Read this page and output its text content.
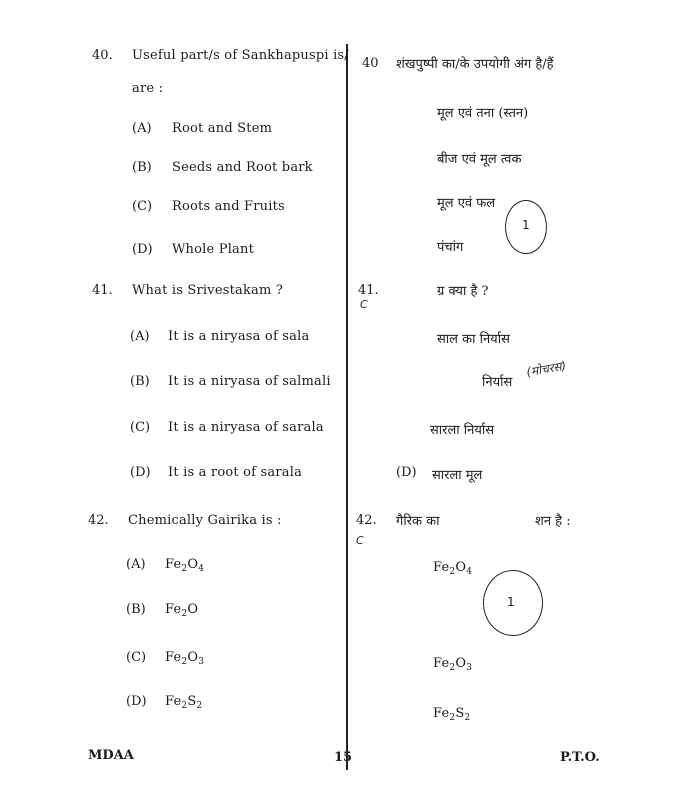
40. Useful part/s of Sankhapuspi is/
are :
(A) Root and Stem
(B) Seeds and Root bark
(C) Roots and Fruits
(D) Whole Plant
40 शंखपुष्पी का/के उपयोगी अंग है/हैं
मूल एवं तना (स्तन)
बीज एवं मूल त्वक
मूल एवं फल
पंचांग
1
41. What is Srivestakam ?
(A) It is a niryasa of sala
(B) It is a niryasa of salmali
(C) It is a niryasa of sarala
(D) It is a root of sarala
41.
C
ग्र क्या है ?
साल का निर्यास
निर्यास
सारला निर्यास
(D) सारला मूल
(मोचरस)
42. Chemically Gairika is :
(A) $Fe_2O_4$
(B) $Fe_2O$
(C) $Fe_2O_3$
(D) $Fe_2S_2$
42.
C
गैरिक का	शन है :
$Fe_2O_4$
$Fe_2O_3$
$Fe_2S_2$
1
MDAA	15	P.T.O.
